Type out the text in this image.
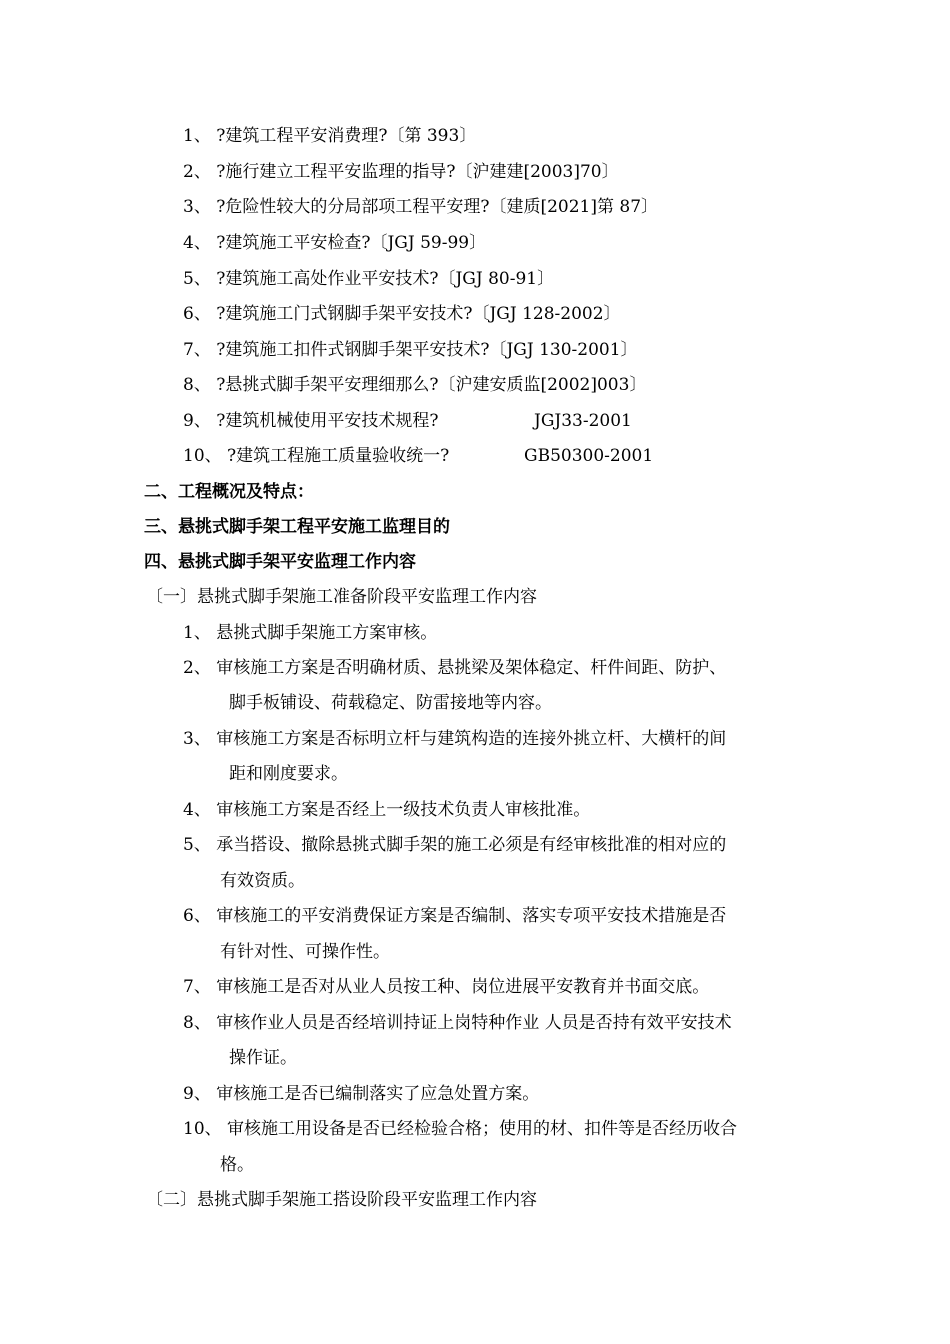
1、 ?建筑工程平安消费理?〔第 393〕
2、 ?施行建立工程平安监理的指导?〔沪建建[2003]70〕
3、 ?危险性较大的分局部项工程平安理?〔建质[2021]第 87〕
4、 ?建筑施工平安检查?〔JGJ 59-99〕
5、 ?建筑施工高处作业平安技术?〔JGJ 80-91〕
6、 ?建筑施工门式钢脚手架平安技术?〔JGJ 128-2002〕
7、 ?建筑施工扣件式钢脚手架平安技术?〔JGJ 130-2001〕
8、 ?悬挑式脚手架平安理细那么?〔沪建安质监[2002]003〕
9、 ?建筑机械使用平安技术规程?	JGJ33-2001
10、 ?建筑工程施工质量验收统一?	GB50300-2001
二、工程概况及特点：
三、悬挑式脚手架工程平安施工监理目的
四、悬挑式脚手架平安监理工作内容
〔一〕悬挑式脚手架施工准备阶段平安监理工作内容
1、 悬挑式脚手架施工方案审核。
2、 审核施工方案是否明确材质、悬挑梁及架体稳定、杆件间距、防护、
脚手板铺设、荷载稳定、防雷接地等内容。
3、 审核施工方案是否标明立杆与建筑构造的连接外挑立杆、大横杆的间
距和刚度要求。
4、 审核施工方案是否经上一级技术负责人审核批准。
5、 承当搭设、撤除悬挑式脚手架的施工必须是有经审核批准的相对应的
有效资质。
6、 审核施工的平安消费保证方案是否编制、落实专项平安技术措施是否
有针对性、可操作性。
7、 审核施工是否对从业人员按工种、岗位进展平安教育并书面交底。
8、 审核作业人员是否经培训持证上岗特种作业 人员是否持有效平安技术
操作证。
9、 审核施工是否已编制落实了应急处置方案。
10、 审核施工用设备是否已经检验合格；使用的材、扣件等是否经历收合
格。
〔二〕悬挑式脚手架施工搭设阶段平安监理工作内容
